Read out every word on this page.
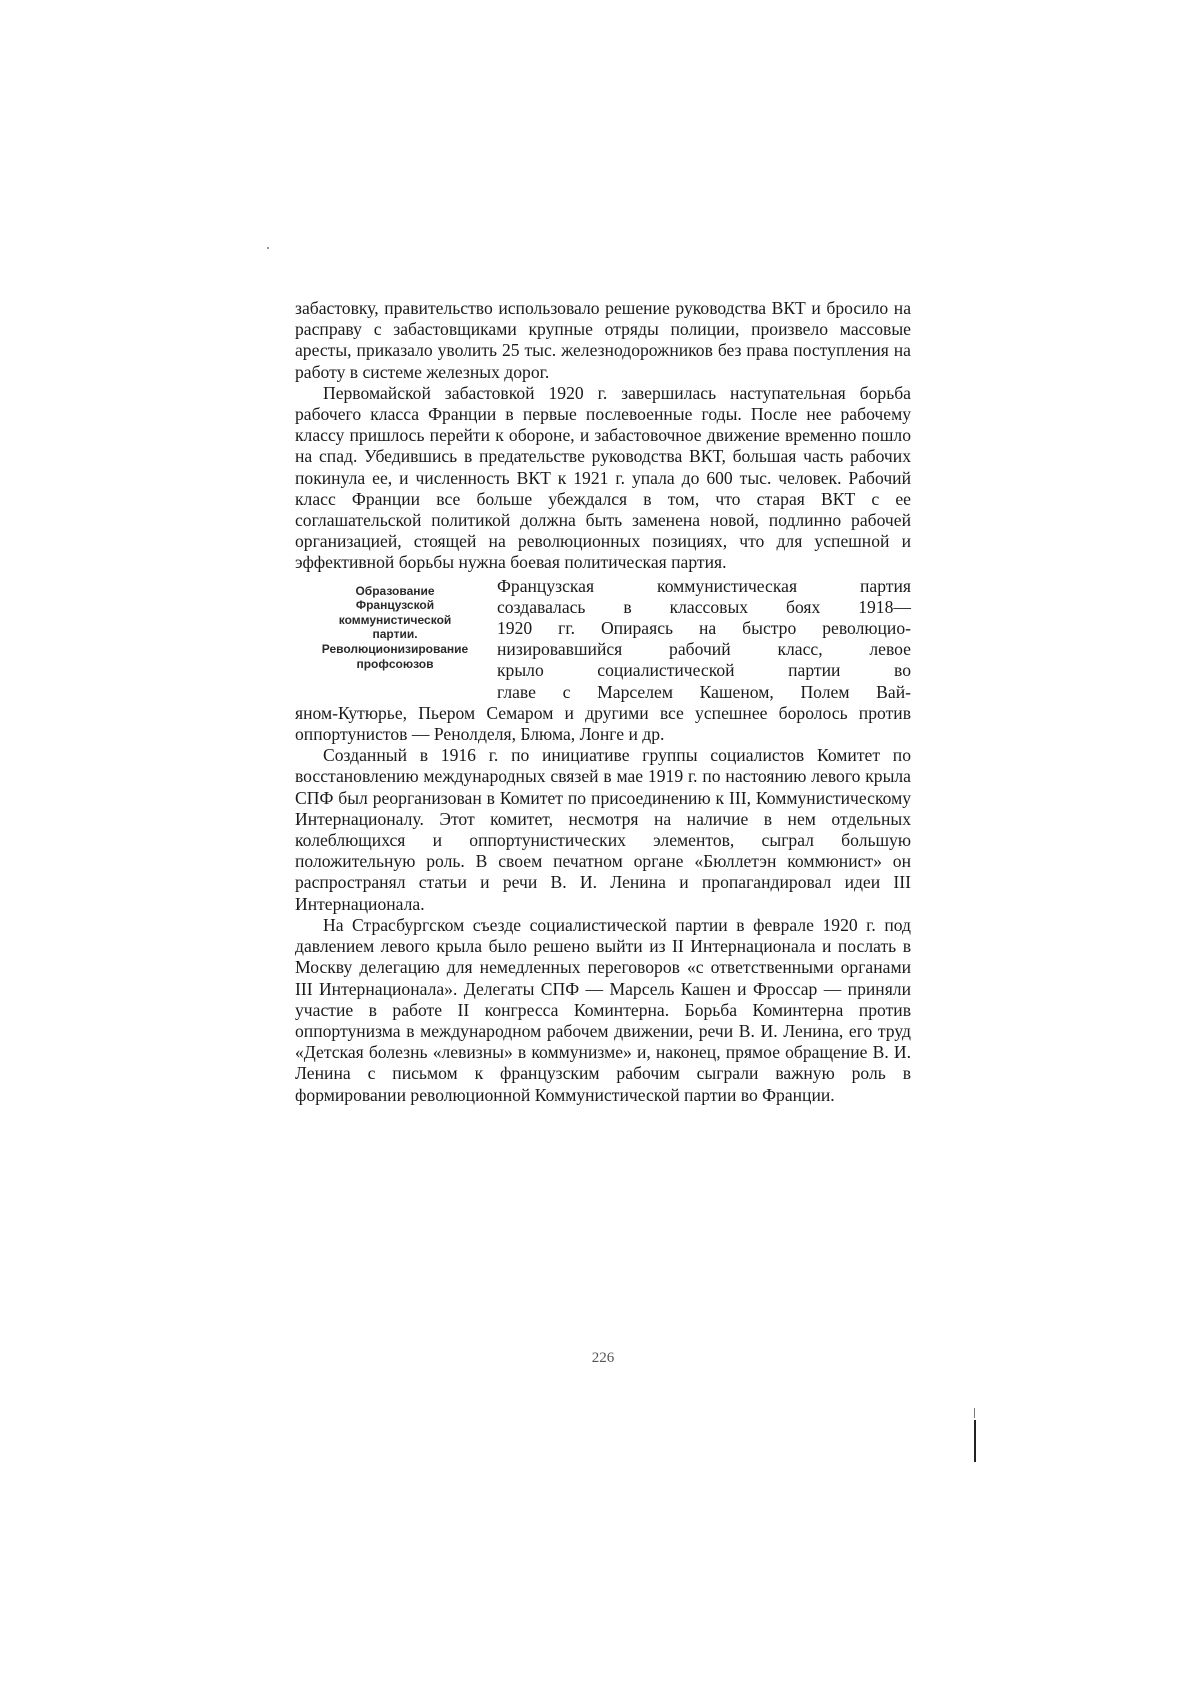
забастовку, правительство использовало решение руководства ВКТ и бросило на расправу с забастовщиками крупные отряды полиции, произвело массовые аресты, приказало уволить 25 тыс. железнодорожников без права поступления на работу в системе железных дорог.

Первомайской забастовкой 1920 г. завершилась наступательная борьба рабочего класса Франции в первые послевоенные годы. После нее рабочему классу пришлось перейти к обороне, и забастовочное движение временно пошло на спад. Убедившись в предательстве руководства ВКТ, большая часть рабочих покинула ее, и численность ВКТ к 1921 г. упала до 600 тыс. человек. Рабочий класс Франции все больше убеждался в том, что старая ВКТ с ее соглашательской политикой должна быть заменена новой, подлинно рабочей организацией, стоящей на революционных позициях, что для успешной и эффективной борьбы нужна боевая политическая партия.

Образование
Французской
коммунистической
партии.
Революционизирование
профсоюзов
Французская коммунистическая партия
создавалась в классовых боях 1918—
1920 гг. Опираясь на быстро революцио-
низировавшийся рабочий класс, левое
крыло социалистической партии во
главе с Марселем Кашеном, Полем Вай-

яном-Кутюрье, Пьером Семаром и другими все успешнее боролось против оппортунистов — Ренолделя, Блюма, Лонге и др.

Созданный в 1916 г. по инициативе группы социалистов Комитет по восстановлению международных связей в мае 1919 г. по настоянию левого крыла СПФ был реорганизован в Комитет по присоединению к III, Коммунистическому Интернационалу. Этот комитет, несмотря на наличие в нем отдельных колеблющихся и оппортунистических элементов, сыграл большую положительную роль. В своем печатном органе «Бюллетэн коммюнист» он распространял статьи и речи В. И. Ленина и пропагандировал идеи III Интернационала.

На Страсбургском съезде социалистической партии в феврале 1920 г. под давлением левого крыла было решено выйти из II Интернационала и послать в Москву делегацию для немедленных переговоров «с ответственными органами III Интернационала». Делегаты СПФ — Марсель Кашен и Фроссар — приняли участие в работе II конгресса Коминтерна. Борьба Коминтерна против оппортунизма в международном рабочем движении, речи В. И. Ленина, его труд «Детская болезнь «левизны» в коммунизме» и, наконец, прямое обращение В. И. Ленина с письмом к французским рабочим сыграли важную роль в формировании революционной Коммунистической партии во Франции.

226
